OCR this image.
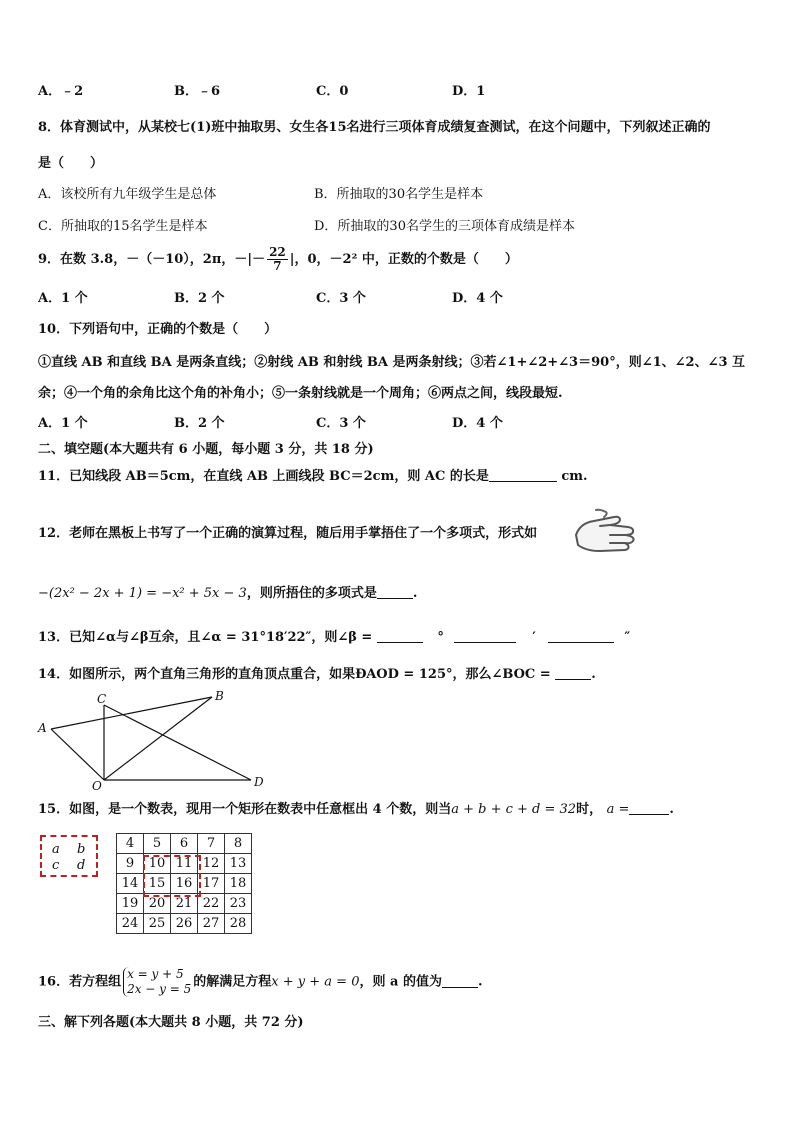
A．﹣2	B．﹣6	C．0	D．1
8．体育测试中，从某校七(1)班中抽取男、女生各15名进行三项体育成绩复查测试，在这个问题中，下列叙述正确的
是（　　）
A．该校所有九年级学生是总体	B．所抽取的30名学生是样本
C．所抽取的15名学生是样本	D．所抽取的30名学生的三项体育成绩是样本
9．在数 3.8，－（－10），2π，－|－ $\frac{22}{7}$ |，0，－2² 中，正数的个数是（　　）
A．1 个	B．2 个	C．3 个	D．4 个
10．下列语句中，正确的个数是（　　）
①直线 AB 和直线 BA 是两条直线；②射线 AB 和射线 BA 是两条射线；③若∠1+∠2+∠3＝90°，则∠1、∠2、∠3 互
余；④一个角的余角比这个角的补角小；⑤一条射线就是一个周角；⑥两点之间，线段最短.
A．1 个	B．2 个	C．3 个	D．4 个
二、填空题(本大题共有 6 小题，每小题 3 分，共 18 分)
11．已知线段 AB＝5cm，在直线 AB 上画线段 BC＝2cm，则 AC 的长是	cm.
12．老师在黑板上书写了一个正确的演算过程，随后用手掌捂住了一个多项式，形式如
−(2x² − 2x + 1) = −x² + 5x − 3，则所捂住的多项式是	.
13．已知∠α与∠β互余，且∠α = 31°18′22″，则∠β =	°	′	″
14．如图所示，两个直角三角形的直角顶点重合，如果ÐAOD = 125°，那么∠BOC =	.
A
B
C
O	D
15．如图，是一个数表，现用一个矩形在数表中任意框出 4 个数，则当a + b + c + d = 32时， a =	.
a b
c d
4	5	6	7	8
9	10	11	12	13
14	15	16	17	18
19	20	21	22	23
24	25	26	27	28
16．若方程组
x = y + 5
2x − y = 5 的解满足方程x + y + a = 0，则 a 的值为	.
三、解下列各题(本大题共 8 小题，共 72 分)
